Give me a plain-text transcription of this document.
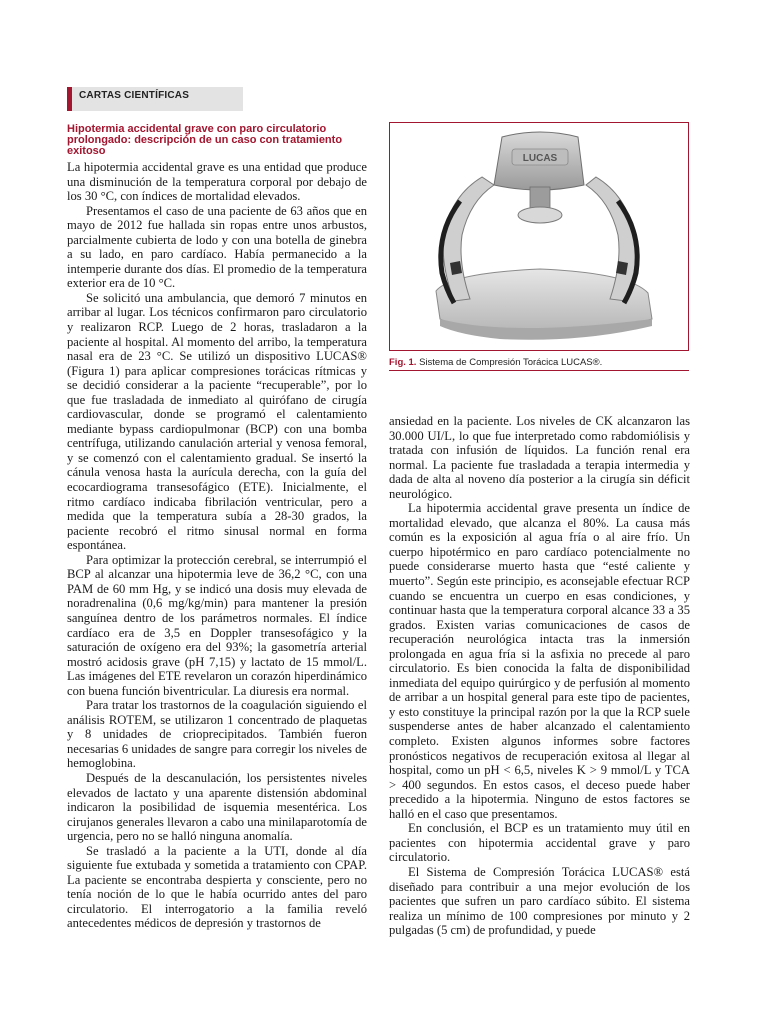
CARTAS CIENTÍFICAS
Hipotermia accidental grave con paro circulatorio prolongado: descripción de un caso con tratamiento exitoso

La hipotermia accidental grave es una entidad que produce una disminución de la temperatura corporal por debajo de los 30 °C, con índices de mortalidad elevados.

Presentamos el caso de una paciente de 63 años que en mayo de 2012 fue hallada sin ropas entre unos arbustos, parcialmente cubierta de lodo y con una botella de ginebra a su lado, en paro cardíaco. Había permanecido a la intemperie durante dos días. El promedio de la temperatura exterior era de 10 °C.

Se solicitó una ambulancia, que demoró 7 minutos en arribar al lugar. Los técnicos confirmaron paro circulatorio y realizaron RCP. Luego de 2 horas, trasladaron a la paciente al hospital. Al momento del arribo, la temperatura nasal era de 23 °C. Se utilizó un dispositivo LUCAS® (Figura 1) para aplicar compresiones torácicas rítmicas y se decidió considerar a la paciente “recuperable”, por lo que fue trasladada de inmediato al quirófano de cirugía cardiovascular, donde se programó el calentamiento mediante bypass cardiopulmonar (BCP) con una bomba centrífuga, utilizando canulación arterial y venosa femoral, y se comenzó con el calentamiento gradual. Se insertó la cánula venosa hasta la aurícula derecha, con la guía del ecocardiograma transesofágico (ETE). Inicialmente, el ritmo cardíaco indicaba fibrilación ventricular, pero a medida que la temperatura subía a 28-30 grados, la paciente recobró el ritmo sinusal normal en forma espontánea.

Para optimizar la protección cerebral, se interrumpió el BCP al alcanzar una hipotermia leve de 36,2 °C, con una PAM de 60 mm Hg, y se indicó una dosis muy elevada de noradrenalina (0,6 mg/kg/min) para mantener la presión sanguínea dentro de los parámetros normales. El índice cardíaco era de 3,5 en Doppler transesofágico y la saturación de oxígeno era del 93%; la gasometría arterial mostró acidosis grave (pH 7,15) y lactato de 15 mmol/L. Las imágenes del ETE revelaron un corazón hiperdinámico con buena función biventricular. La diuresis era normal.

Para tratar los trastornos de la coagulación siguiendo el análisis ROTEM, se utilizaron 1 concentrado de plaquetas y 8 unidades de crioprecipitados. También fueron necesarias 6 unidades de sangre para corregir los niveles de hemoglobina.

Después de la descanulación, los persistentes niveles elevados de lactato y una aparente distensión abdominal indicaron la posibilidad de isquemia mesentérica. Los cirujanos generales llevaron a cabo una minilaparotomía de urgencia, pero no se halló ninguna anomalía.

Se trasladó a la paciente a la UTI, donde al día siguiente fue extubada y sometida a tratamiento con CPAP. La paciente se encontraba despierta y consciente, pero no tenía noción de lo que le había ocurrido antes del paro circulatorio. El interrogatorio a la familia reveló antecedentes médicos de depresión y trastornos de

LUCAS
Fig. 1. Sistema de Compresión Torácica LUCAS®.

ansiedad en la paciente. Los niveles de CK alcanzaron las 30.000 UI/L, lo que fue interpretado como rabdomiólisis y tratada con infusión de líquidos. La función renal era normal. La paciente fue trasladada a terapia intermedia y dada de alta al noveno día posterior a la cirugía sin déficit neurológico.

La hipotermia accidental grave presenta un índice de mortalidad elevado, que alcanza el 80%. La causa más común es la exposición al agua fría o al aire frío. Un cuerpo hipotérmico en paro cardíaco potencialmente no puede considerarse muerto hasta que “esté caliente y muerto”. Según este principio, es aconsejable efectuar RCP cuando se encuentra un cuerpo en esas condiciones, y continuar hasta que la temperatura corporal alcance 33 a 35 grados. Existen varias comunicaciones de casos de recuperación neurológica intacta tras la inmersión prolongada en agua fría si la asfixia no precede al paro circulatorio. Es bien conocida la falta de disponibilidad inmediata del equipo quirúrgico y de perfusión al momento de arribar a un hospital general para este tipo de pacientes, y esto constituye la principal razón por la que la RCP suele suspenderse antes de haber alcanzado el calentamiento completo. Existen algunos informes sobre factores pronósticos negativos de recuperación exitosa al llegar al hospital, como un pH < 6,5, niveles K > 9 mmol/L y TCA > 400 segundos. En estos casos, el deceso puede haber precedido a la hipotermia. Ninguno de estos factores se halló en el caso que presentamos.

En conclusión, el BCP es un tratamiento muy útil en pacientes con hipotermia accidental grave y paro circulatorio.

El Sistema de Compresión Torácica LUCAS® está diseñado para contribuir a una mejor evolución de los pacientes que sufren un paro cardíaco súbito. El sistema realiza un mínimo de 100 compresiones por minuto y 2 pulgadas (5 cm) de profundidad, y puede
